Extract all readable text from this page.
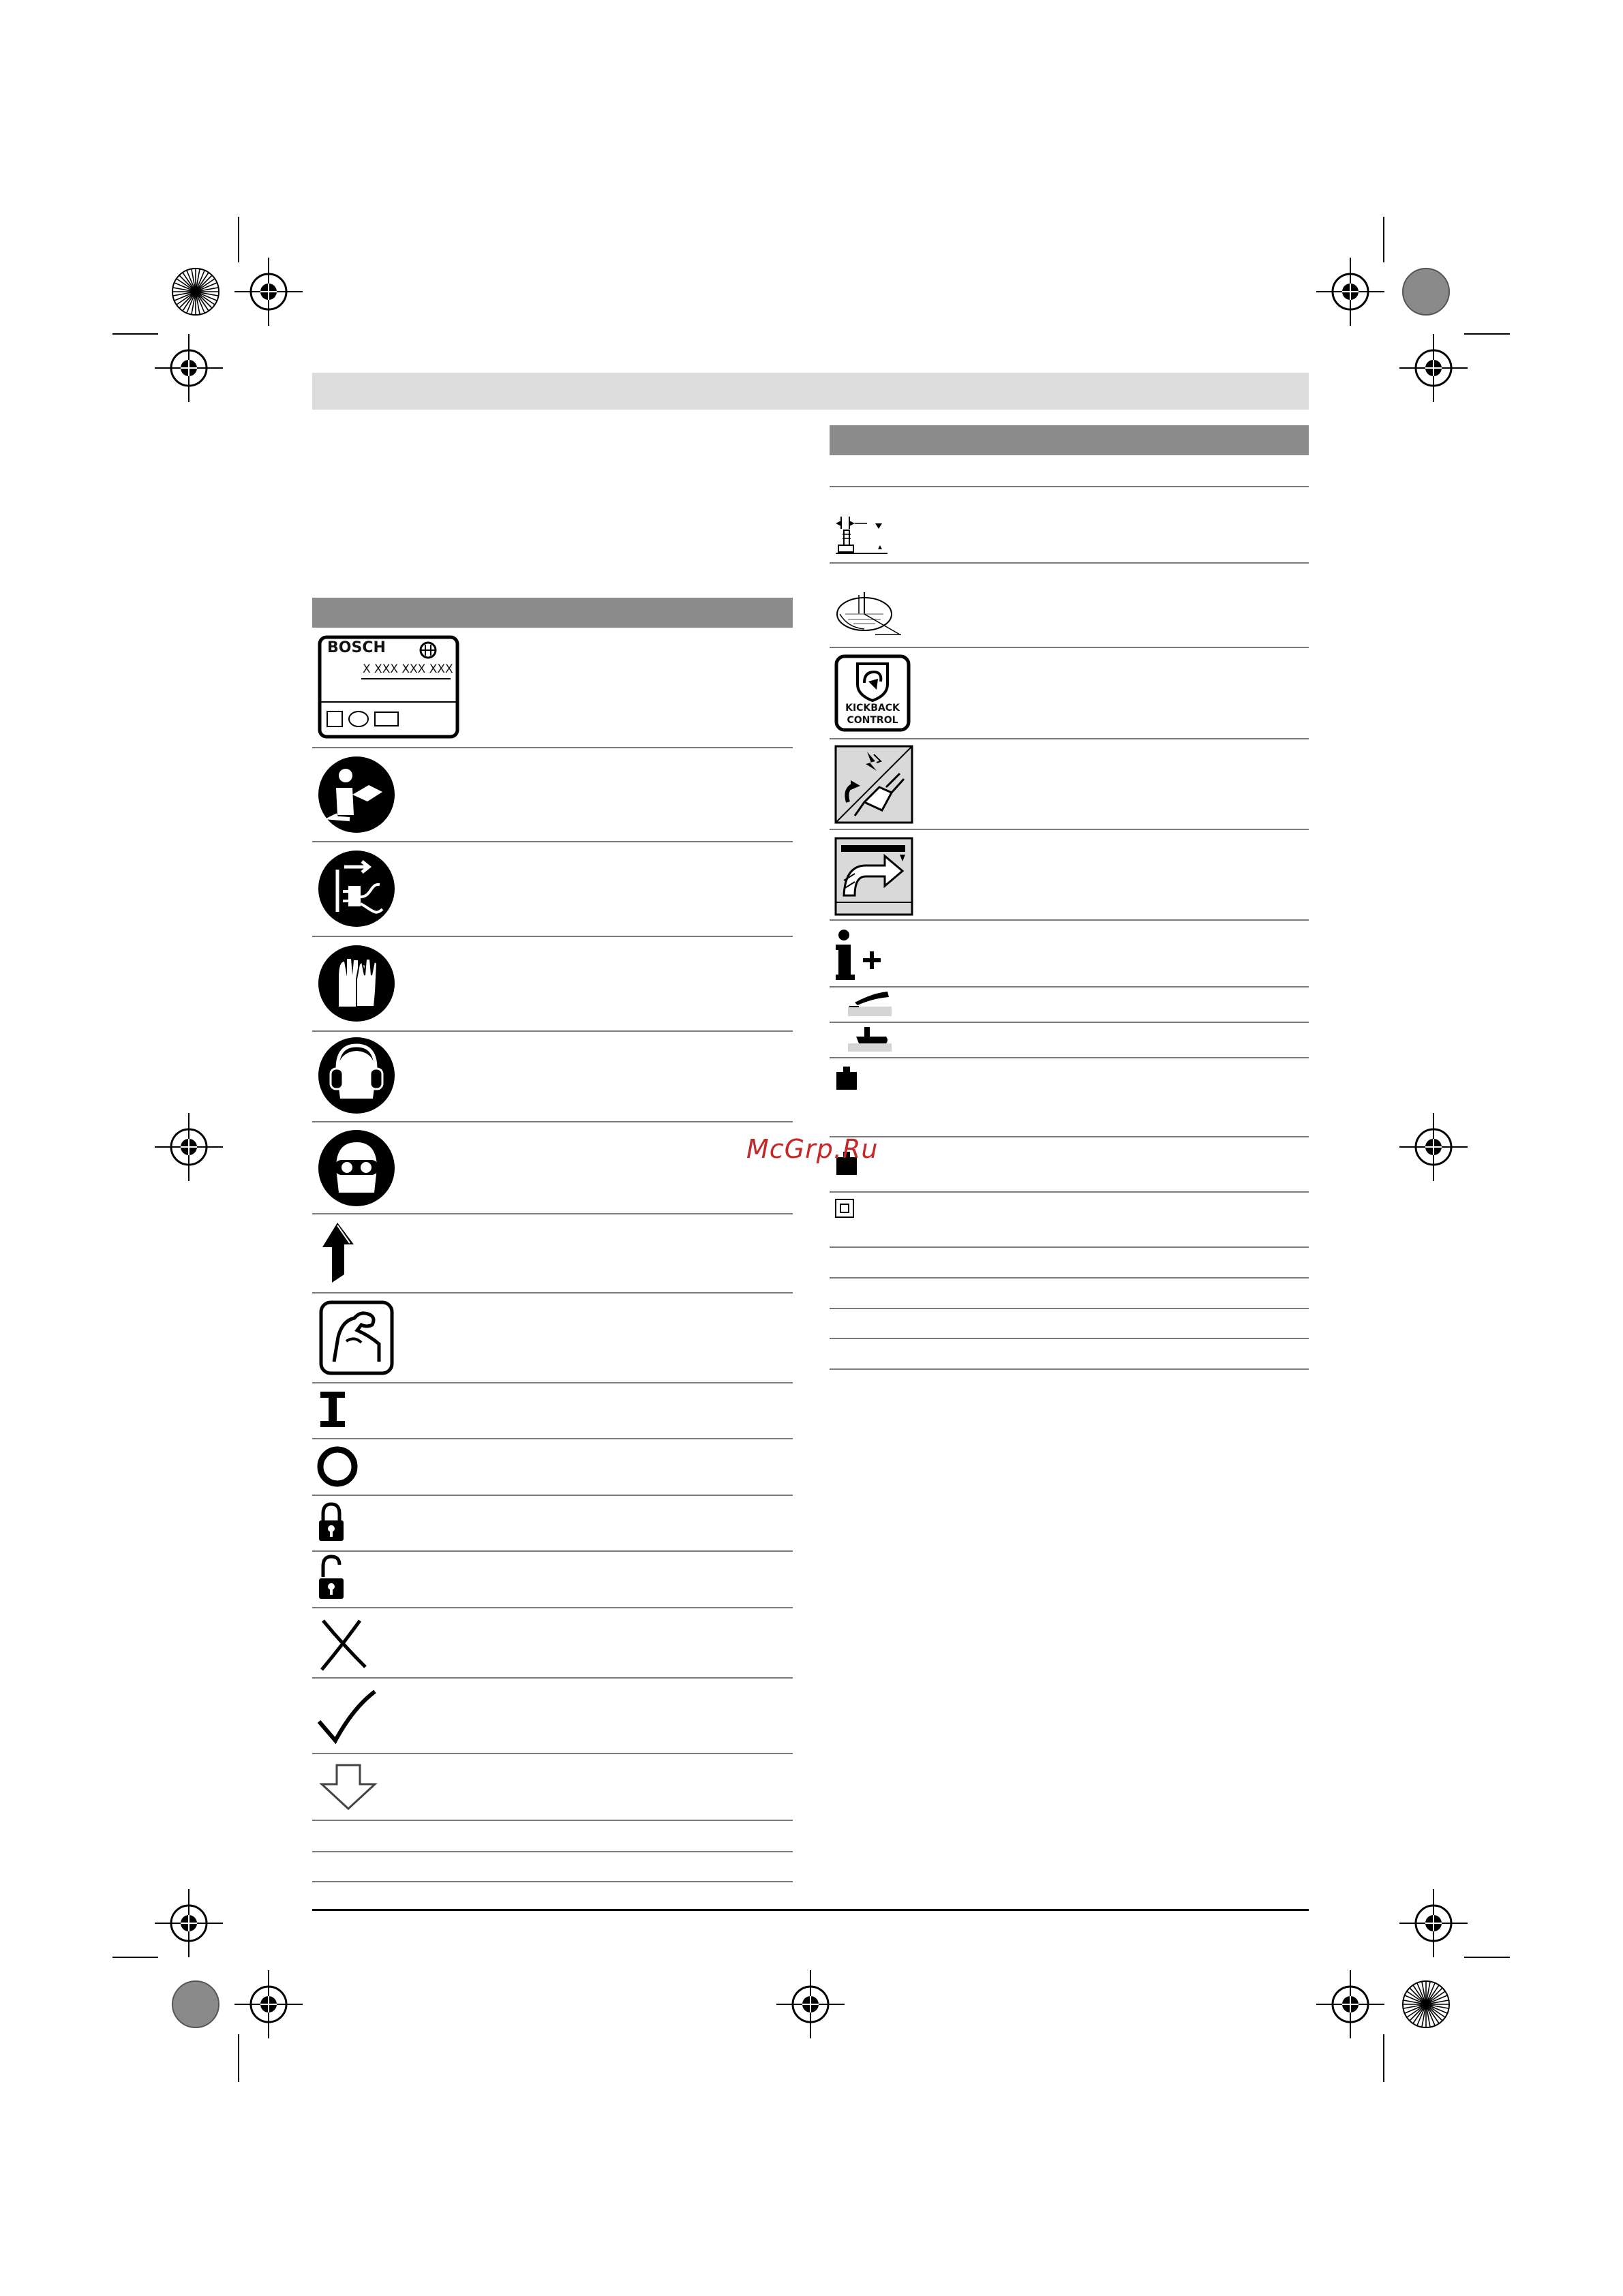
BOSCH
X XXX XXX XXX
KICKBACK
CONTROL
McGrp.Ru
